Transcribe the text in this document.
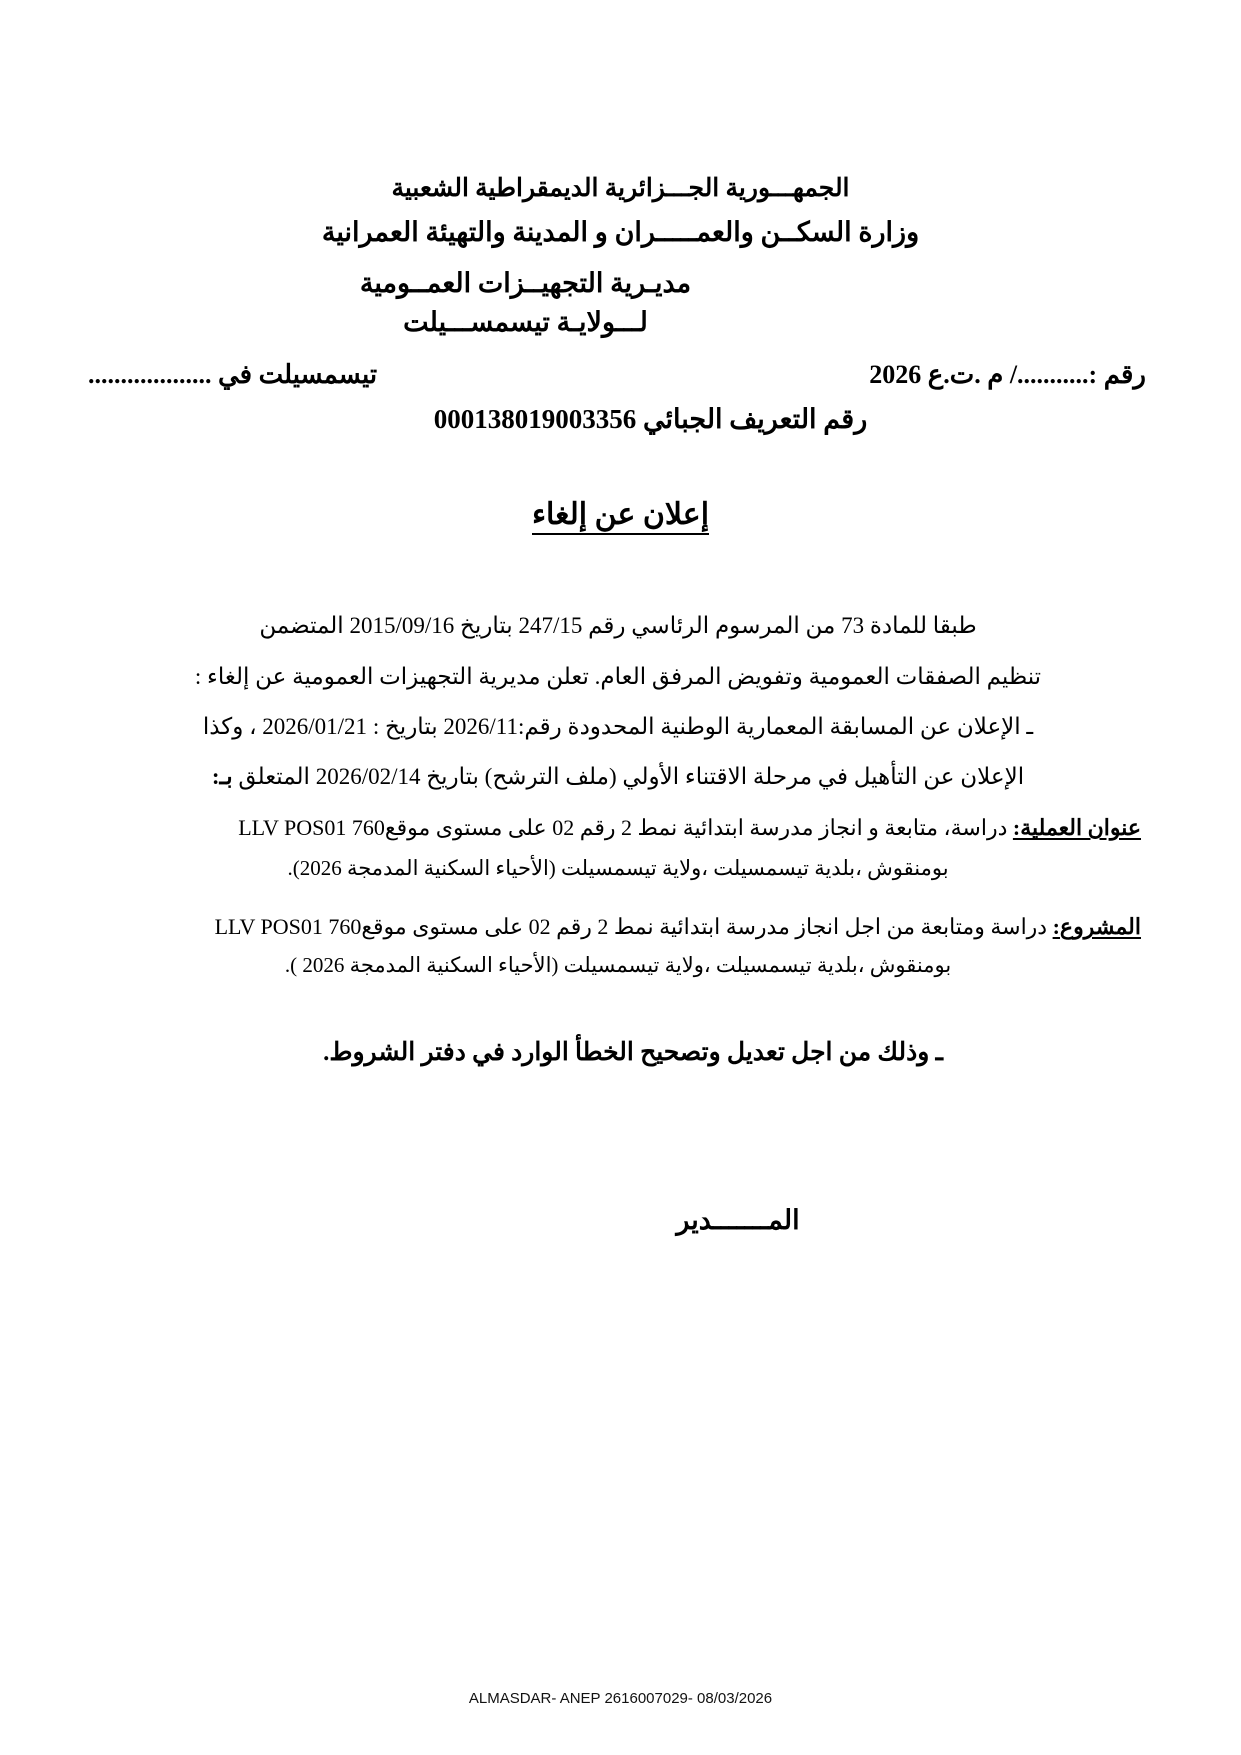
الجمهـــورية الجـــزائرية الديمقراطية الشعبية
وزارة السكــن والعمـــــران و المدينة والتهيئة العمرانية
مديـرية التجهيــزات العمــومية
لـــولايـة تيسمســـيلت
رقم :.........../ م .ت.ع 2026
تيسمسيلت في ...................
رقم التعريف الجبائي 000138019003356
إعلان عن إلغاء

طبقا للمادة 73 من المرسوم الرئاسي رقم 247/15 بتاريخ 2015/09/16 المتضمن

تنظيم الصفقات العمومية وتفويض المرفق العام. تعلن مديرية التجهيزات العمومية عن إلغاء :

ـ الإعلان عن المسابقة المعمارية الوطنية المحدودة رقم:2026/11 بتاريخ : 2026/01/21 ، وكذا

الإعلان عن التأهيل في مرحلة الاقتناء الأولي (ملف الترشح) بتاريخ 2026/02/14 المتعلق بـ:

عنوان العملية: دراسة، متابعة و انجاز مدرسة ابتدائية نمط 2 رقم 02 على مستوى موقع760 LLV POS01
بومنقوش ،بلدية تيسمسيلت ،ولاية تيسمسيلت (الأحياء السكنية المدمجة 2026).

المشروع: دراسة ومتابعة من اجل انجاز مدرسة ابتدائية نمط 2 رقم 02 على مستوى موقع760 LLV POS01
بومنقوش ،بلدية تيسمسيلت ،ولاية تيسمسيلت (الأحياء السكنية المدمجة 2026 ).

ـ وذلك من اجل تعديل وتصحيح الخطأ الوارد في دفتر الشروط.
المـــــــدير
ALMASDAR- ANEP 2616007029- 08/03/2026
